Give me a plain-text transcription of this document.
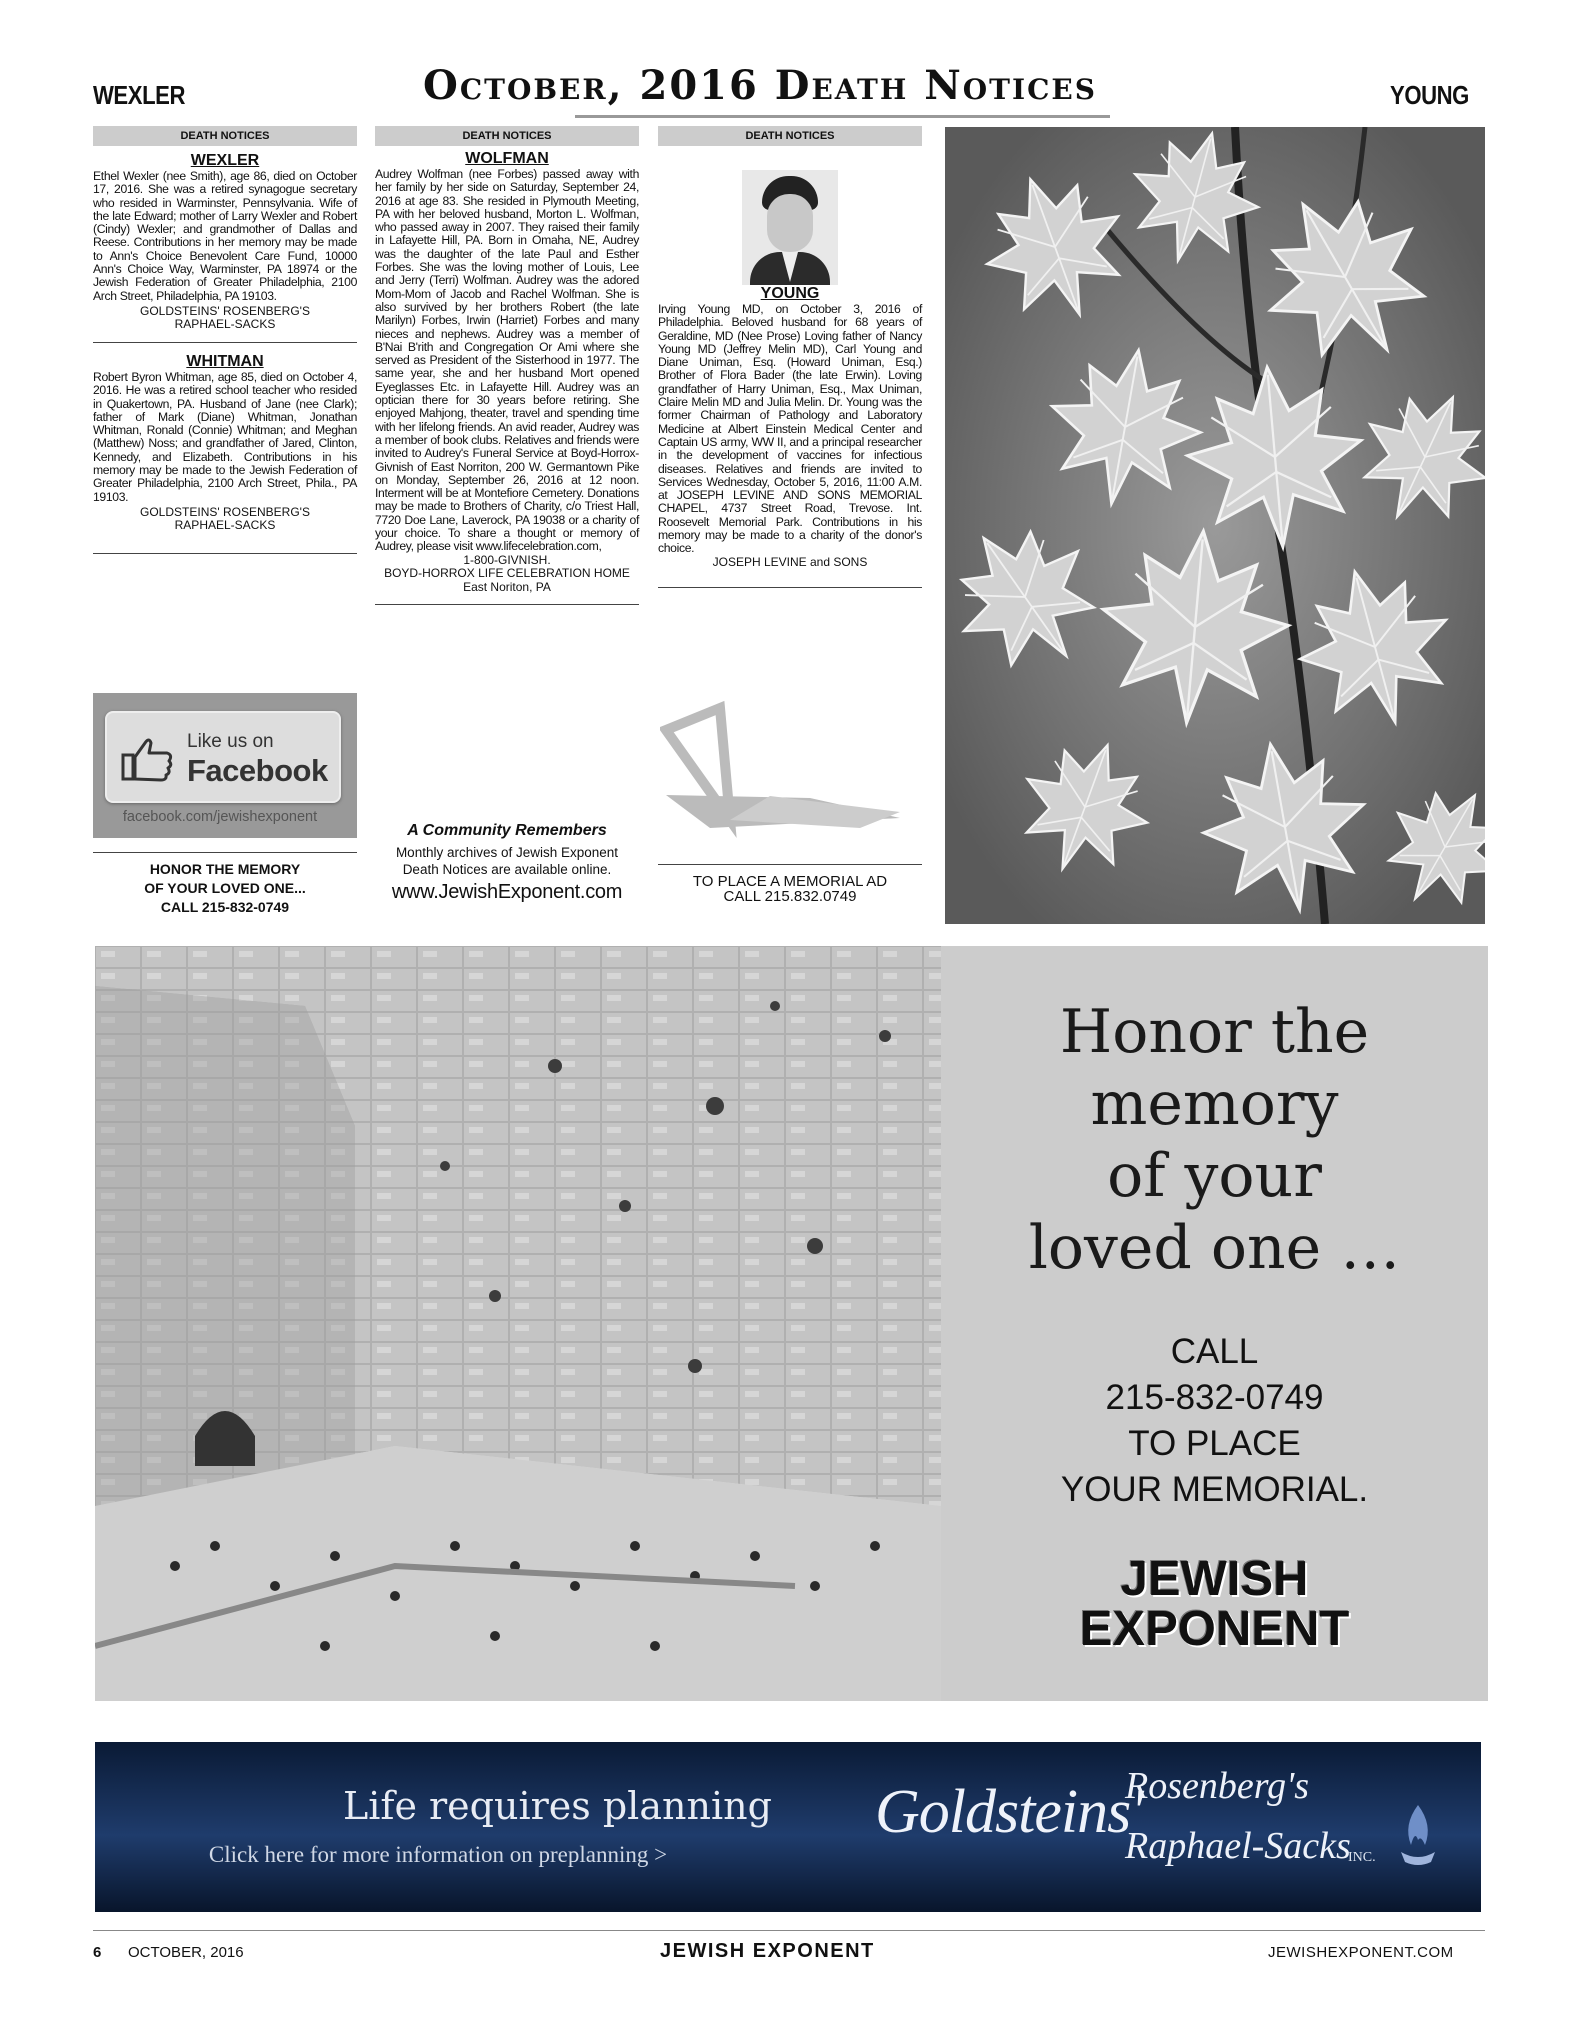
WEXLER	October, 2016 Death Notices	YOUNG
DEATH NOTICES
WEXLER
Ethel Wexler (nee Smith), age 86, died on October 17, 2016. She was a retired synagogue secretary who resided in Warminster, Pennsylvania. Wife of the late Edward; mother of Larry Wexler and Robert (Cindy) Wexler; and grandmother of Dallas and Reese. Contributions in her memory may be made to Ann's Choice Benevolent Care Fund, 10000 Ann's Choice Way, Warminster, PA 18974 or the Jewish Federation of Greater Philadelphia, 2100 Arch Street, Philadelphia, PA 19103.
GOLDSTEINS' ROSENBERG'S RAPHAEL-SACKS
WHITMAN
Robert Byron Whitman, age 85, died on October 4, 2016. He was a retired school teacher who resided in Quakertown, PA. Husband of Jane (nee Clark); father of Mark (Diane) Whitman, Jonathan Whitman, Ronald (Connie) Whitman; and Meghan (Matthew) Noss; and grandfather of Jared, Clinton, Kennedy, and Elizabeth. Contributions in his memory may be made to the Jewish Federation of Greater Philadelphia, 2100 Arch Street, Phila., PA 19103.
GOLDSTEINS' ROSENBERG'S RAPHAEL-SACKS
Like us on
Facebook
facebook.com/jewishexponent
HONOR THE MEMORY
OF YOUR LOVED ONE...
CALL 215-832-0749
DEATH NOTICES
WOLFMAN
Audrey Wolfman (nee Forbes) passed away with her family by her side on Saturday, September 24, 2016 at age 83. She resided in Plymouth Meeting, PA with her beloved husband, Morton L. Wolfman, who passed away in 2007. They raised their family in Lafayette Hill, PA. Born in Omaha, NE, Audrey was the daughter of the late Paul and Esther Forbes. She was the loving mother of Louis, Lee and Jerry (Terri) Wolfman. Audrey was the adored Mom-Mom of Jacob and Rachel Wolfman. She is also survived by her brothers Robert (the late Marilyn) Forbes, Irwin (Harriet) Forbes and many nieces and nephews. Audrey was a member of B'Nai B'rith and Congregation Or Ami where she served as President of the Sisterhood in 1977. The same year, she and her husband Mort opened Eyeglasses Etc. in Lafayette Hill. Audrey was an optician there for 30 years before retiring. She enjoyed Mahjong, theater, travel and spending time with her lifelong friends. An avid reader, Audrey was a member of book clubs. Relatives and friends were invited to Audrey's Funeral Service at Boyd-Horrox-Givnish of East Norriton, 200 W. Germantown Pike on Monday, September 26, 2016 at 12 noon. Interment will be at Montefiore Cemetery. Donations may be made to Brothers of Charity, c/o Triest Hall, 7720 Doe Lane, Laverock, PA 19038 or a charity of your choice. To share a thought or memory of Audrey, please visit www.lifecelebration.com,
1-800-GIVNISH.
BOYD-HORROX LIFE CELEBRATION HOME
East Noriton, PA
A Community Remembers
Monthly archives of Jewish Exponent
Death Notices are available online.
www.JewishExponent.com
DEATH NOTICES
YOUNG
Irving Young MD, on October 3, 2016 of Philadelphia. Beloved husband for 68 years of Geraldine, MD (Nee Prose) Loving father of Nancy Young MD (Jeffrey Melin MD), Carl Young and Diane Uniman, Esq. (Howard Uniman, Esq.) Brother of Flora Bader (the late Erwin). Loving grandfather of Harry Uniman, Esq., Max Uniman, Claire Melin MD and Julia Melin. Dr. Young was the former Chairman of Pathology and Laboratory Medicine at Albert Einstein Medical Center and Captain US army, WW II, and a principal researcher in the development of vaccines for infectious diseases. Relatives and friends are invited to Services Wednesday, October 5, 2016, 11:00 A.M. at JOSEPH LEVINE AND SONS MEMORIAL CHAPEL, 4737 Street Road, Trevose. Int. Roosevelt Memorial Park. Contributions in his memory may be made to a charity of the donor's choice.
JOSEPH LEVINE and SONS
TO PLACE A MEMORIAL AD
CALL 215.832.0749
Honor the
memory
of your
loved one …
CALL
215-832-0749
TO PLACE
YOUR MEMORIAL.
JEWISH
EXPONENT
Life requires planning
Click here for more information on preplanning >
Goldsteins'
Rosenberg's
Raphael-Sacks
INC.
6 OCTOBER, 2016	JEWISH EXPONENT	JEWISHEXPONENT.COM
